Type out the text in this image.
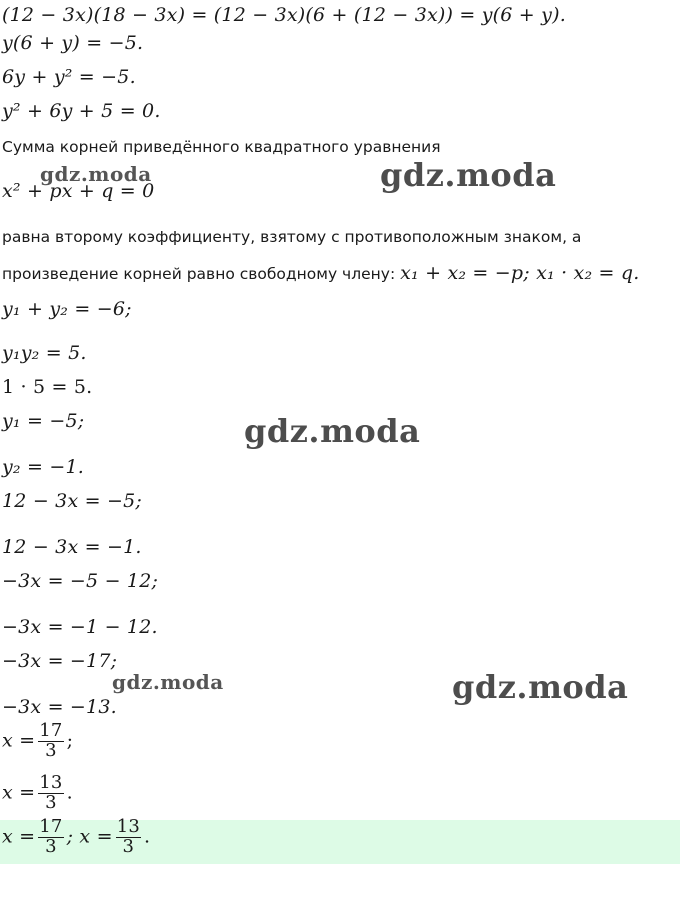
(12 − 3x)(18 − 3x) = (12 − 3x)(6 + (12 − 3x)) = y(6 + y).
y(6 + y) = −5.
6y + y² = −5.
y² + 6y + 5 = 0.
Сумма корней приведённого квадратного уравнения
x² + px + q = 0
равна второму коэффициенту, взятому с противоположным знаком, а
произведение корней равно свободному члену: x₁ + x₂ = −p; x₁ · x₂ = q.
y₁ + y₂ = −6;
y₁y₂ = 5.
1 · 5 = 5.
y₁ = −5;
y₂ = −1.
12 − 3x = −5;
12 − 3x = −1.
−3x = −5 − 12;
−3x = −1 − 12.
−3x = −17;
−3x = −13.
$x = \frac{17}{3}$ ;
$x = \frac{13}{3}$ .
$x = \frac{17}{3}$ ; $x = \frac{13}{3}$ .
gdz.moda	gdz.moda
gdz.moda
gdz.moda	gdz.moda
